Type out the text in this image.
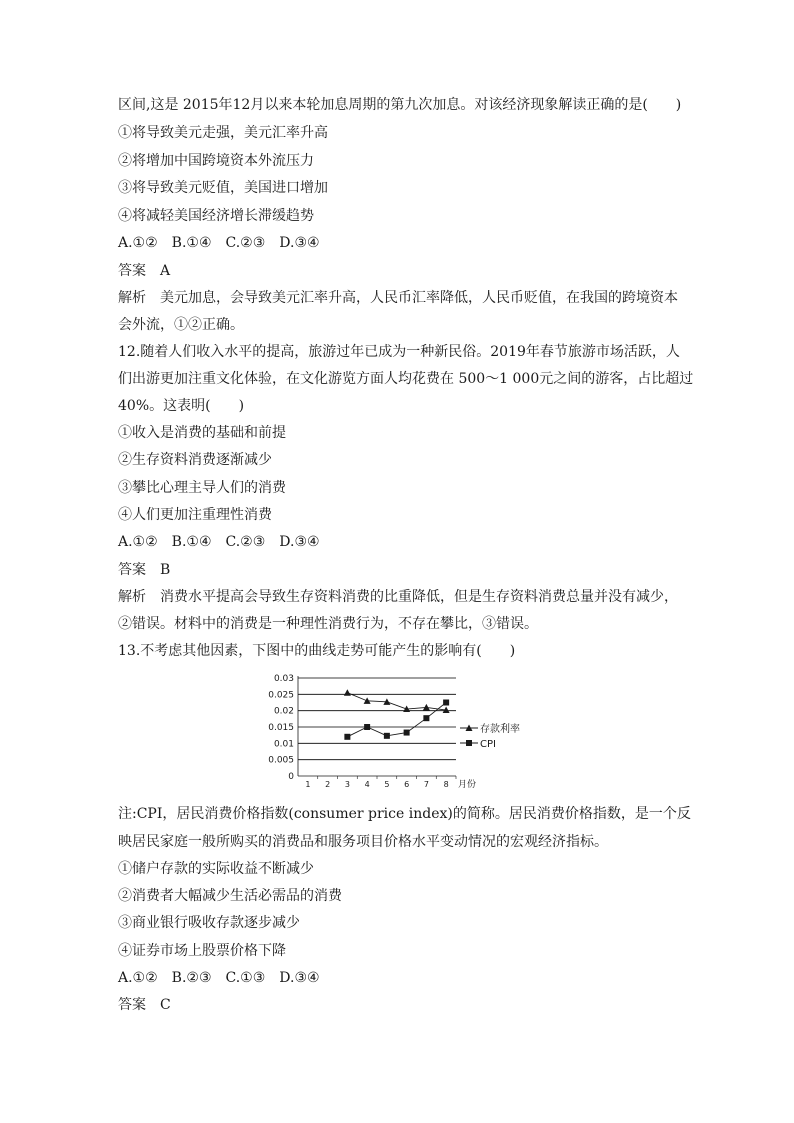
区间,这是 2015年12月以来本轮加息周期的第九次加息。对该经济现象解读正确的是(　　)
①将导致美元走强，美元汇率升高
②将增加中国跨境资本外流压力
③将导致美元贬值，美国进口增加
④将减轻美国经济增长滞缓趋势
A.①②　B.①④　C.②③　D.③④
答案　A
解析　美元加息，会导致美元汇率升高，人民币汇率降低，人民币贬值，在我国的跨境资本
会外流，①②正确。
12.随着人们收入水平的提高，旅游过年已成为一种新民俗。2019年春节旅游市场活跃，人
们出游更加注重文化体验，在文化游览方面人均花费在 500～1 000元之间的游客，占比超过
40%。这表明(　　)
①收入是消费的基础和前提
②生存资料消费逐渐减少
③攀比心理主导人们的消费
④人们更加注重理性消费
A.①②　B.①④　C.②③　D.③④
答案　B
解析　消费水平提高会导致生存资料消费的比重降低，但是生存资料消费总量并没有减少，
②错误。材料中的消费是一种理性消费行为，不存在攀比，③错误。
13.不考虑其他因素，下图中的曲线走势可能产生的影响有(　　)
0
0.005
0.01
0.015
0.02
0.025
0.03
1 2 3 4 5 6 7 8 月份
存款利率
CPI
注:CPI，居民消费价格指数(consumer price index)的简称。居民消费价格指数，是一个反
映居民家庭一般所购买的消费品和服务项目价格水平变动情况的宏观经济指标。
①储户存款的实际收益不断减少
②消费者大幅减少生活必需品的消费
③商业银行吸收存款逐步减少
④证券市场上股票价格下降
A.①②　B.②③　C.①③　D.③④
答案　C
